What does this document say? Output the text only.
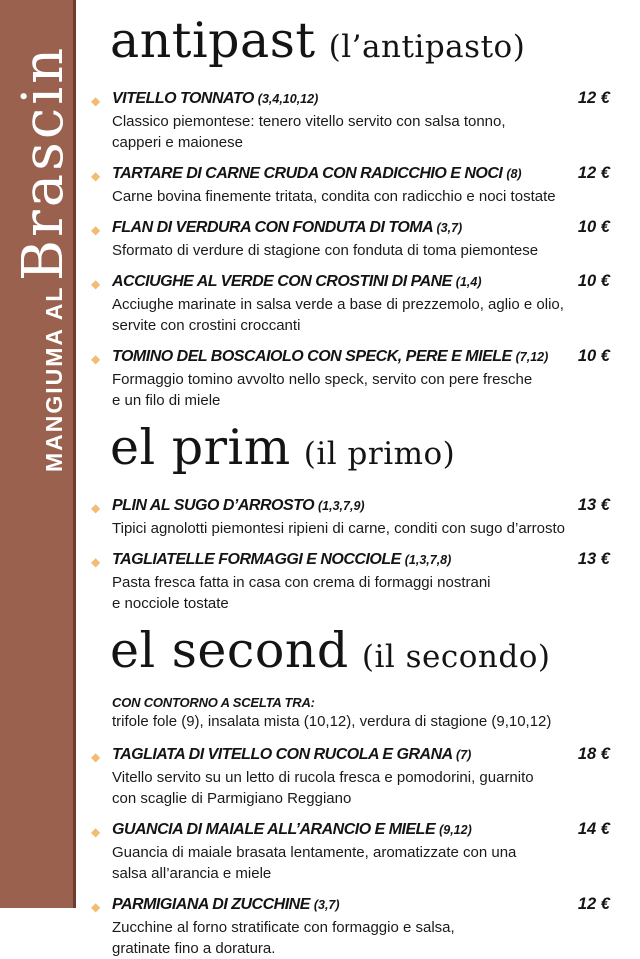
MANGIUMA AL Brascin
antipast (l’antipasto)
◆ VITELLO TONNATO (3,4,10,12)	12 €
Classico piemontese: tenero vitello servito con salsa tonno,
capperi e maionese
◆ TARTARE DI CARNE CRUDA CON RADICCHIO E NOCI (8)	12 €
Carne bovina finemente tritata, condita con radicchio e noci tostate
◆ FLAN DI VERDURA CON FONDUTA DI TOMA (3,7)	10 €
Sformato di verdure di stagione con fonduta di toma piemontese
◆ ACCIUGHE AL VERDE CON CROSTINI DI PANE (1,4)	10 €
Acciughe marinate in salsa verde a base di prezzemolo, aglio e olio,
servite con crostini croccanti
◆ TOMINO DEL BOSCAIOLO CON SPECK, PERE E MIELE (7,12)	10 €
Formaggio tomino avvolto nello speck, servito con pere fresche
e un filo di miele
el prim (il primo)
◆ PLIN AL SUGO D’ARROSTO (1,3,7,9)	13 €
Tipici agnolotti piemontesi ripieni di carne, conditi con sugo d’arrosto
◆ TAGLIATELLE FORMAGGI E NOCCIOLE (1,3,7,8)	13 €
Pasta fresca fatta in casa con crema di formaggi nostrani
e nocciole tostate
el second (il secondo)
CON CONTORNO A SCELTA TRA:
trifole fole (9), insalata mista (10,12), verdura di stagione (9,10,12)
◆ TAGLIATA DI VITELLO CON RUCOLA E GRANA (7)	18 €
Vitello servito su un letto di rucola fresca e pomodorini, guarnito
con scaglie di Parmigiano Reggiano
◆ GUANCIA DI MAIALE ALL’ARANCIO E MIELE (9,12)	14 €
Guancia di maiale brasata lentamente, aromatizzate con una
salsa all’arancia e miele
◆ PARMIGIANA DI ZUCCHINE (3,7)	12 €
Zucchine al forno stratificate con formaggio e salsa,
gratinate fino a doratura.
